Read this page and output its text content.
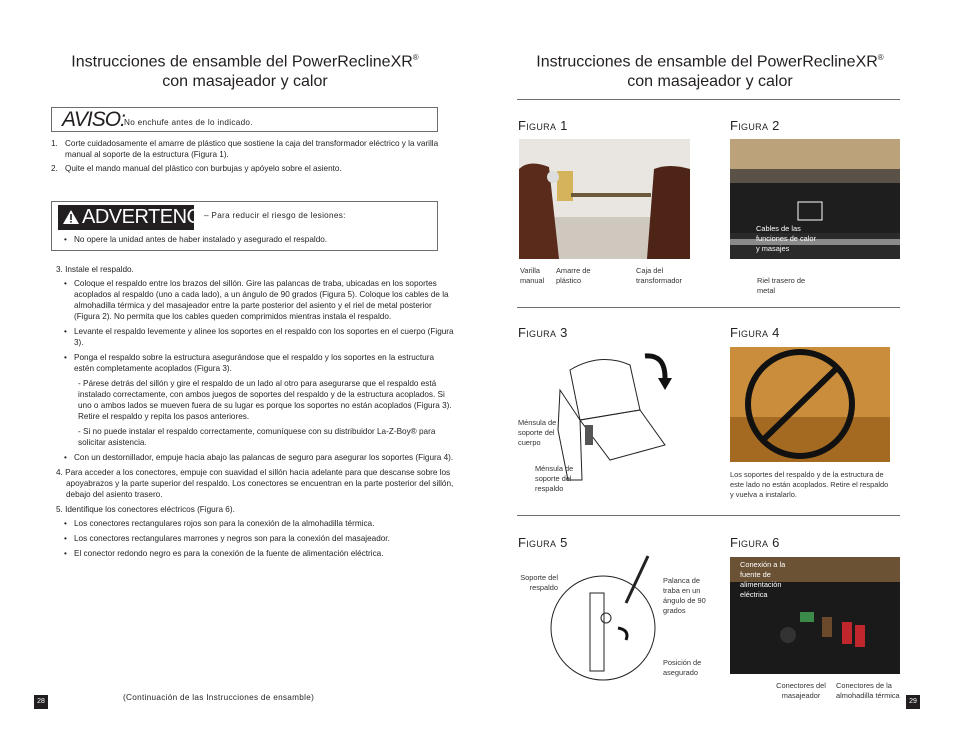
Instrucciones de ensamble del PowerReclineXR®
con masajeador y calor
AVISO: No enchufe antes de lo indicado.
1. Corte cuidadosamente el amarre de plástico que sostiene la caja del transformador eléctrico y la varilla manual al soporte de la estructura (Figura 1).
2. Quite el mando manual del plástico con burbujas y apóyelo sobre el asiento.
ADVERTENCIA
– Para reducir el riesgo de lesiones:
• No opere la unidad antes de haber instalado y asegurado el respaldo.
3. Instale el respaldo.
• Coloque el respaldo entre los brazos del sillón. Gire las palancas de traba, ubicadas en los soportes acoplados al respaldo (uno a cada lado), a un ángulo de 90 grados (Figura 5). Coloque los cables de la almohadilla térmica y del masajeador entre la parte posterior del asiento y el riel de metal posterior (Figura 2). No permita que los cables queden comprimidos mientras instala el respaldo.
• Levante el respaldo levemente y alinee los soportes en el respaldo con los soportes en el cuerpo (Figura 3).
• Ponga el respaldo sobre la estructura asegurándose que el respaldo y los soportes en la estructura estén completamente acoplados (Figura 3).
- Párese detrás del sillón y gire el respaldo de un lado al otro para asegurarse que el respaldo está instalado correctamente, con ambos juegos de soportes del respaldo y de la estructura acoplados. Si uno o ambos lados se mueven fuera de su lugar es porque los soportes no están acoplados (Figura 3). Retire el respaldo y repita los pasos anteriores.
- Si no puede instalar el respaldo correctamente, comuníquese con su distribuidor La-Z-Boy® para solicitar asistencia.
• Con un destornillador, empuje hacia abajo las palancas de seguro para asegurar los soportes (Figura 4).
4. Para acceder a los conectores, empuje con suavidad el sillón hacia adelante para que descanse sobre los apoyabrazos y la parte superior del respaldo. Los conectores se encuentran en la parte posterior del sillón, debajo del asiento trasero.
5. Identifique los conectores eléctricos (Figura 6).
• Los conectores rectangulares rojos son para la conexión de la almohadilla térmica.
• Los conectores rectangulares marrones y negros son para la conexión del masajeador.
• El conector redondo negro es para la conexión de la fuente de alimentación eléctrica.
28	(Continuación de las Instrucciones de ensamble)
Instrucciones de ensamble del PowerReclineXR®
con masajeador y calor
Figura 1
Varilla manual
Amarre de plástico
Caja del transformador
Figura 2
Cables de las funciones de calor y masajes
Riel trasero de metal
Figura 3
Ménsula de soporte del cuerpo
Ménsula de soporte del respaldo
Figura 4
Los soportes del respaldo y de la estructura de este lado no están acoplados. Retire el respaldo y vuelva a instalarlo.
Figura 5
Soporte del respaldo
Palanca de traba en un ángulo de 90 grados
Posición de asegurado
Figura 6
Conexión a la fuente de alimentación eléctrica
Conectores del masajeador
Conectores de la almohadilla térmica
29
